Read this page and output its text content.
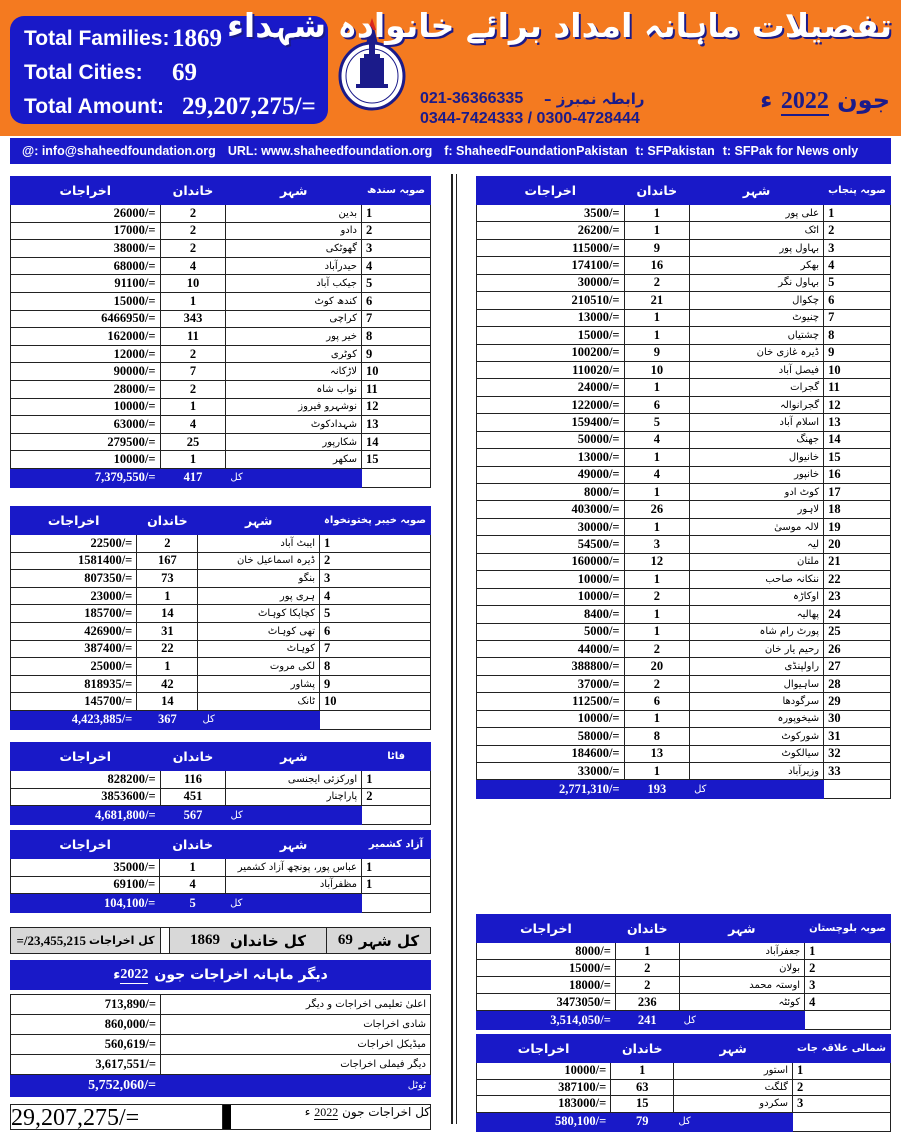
Total Families: 1869
Total Cities:	69
Total Amount: 29,207,275/=
تفصیلات ماہانہ امداد برائے خانوادہ شہداء
رابطہ نمبرز –
021-36366335
0344-7424333 / 0300-4728444
جون 2022 ء
@: info@shaheedfoundation.org URL: www.shaheedfoundation.org f: ShaheedFoundationPakistan t: SFPakistan t: SFPak for News only
اخراجات	خاندان	شہر	صوبہ سندھ
26000/=	2	بدین	1
17000/=	2	دادو	2
38000/=	2	گھوٹکی	3
68000/=	4	حیدرآباد	4
91100/=	10	جیکب آباد	5
15000/=	1	کندھ کوٹ	6
6466950/=	343	کراچی	7
162000/=	11	خیر پور	8
12000/=	2	کوٹری	9
90000/=	7	لاڑکانہ	10
28000/=	2	نواب شاہ	11
10000/=	1	نوشہرو فیروز	12
63000/=	4	شہدادکوٹ	13
279500/=	25	شکارپور	14
10000/=	1	سکھر	15
7,379,550/=	417	کل	
اخراجات	خاندان	شہر	صوبہ خیبر پختونخواہ
22500/=	2	ایبٹ آباد	1
1581400/=	167	ڈیرہ اسماعیل خان	2
807350/=	73	بنگو	3
23000/=	1	ہری پور	4
185700/=	14	کچاپکا کوہاٹ	5
426900/=	31	تھی کوہاٹ	6
387400/=	22	کوہاٹ	7
25000/=	1	لکی مروت	8
818935/=	42	پشاور	9
145700/=	14	ٹانک	10
4,423,885/=	367	کل	
اخراجات	خاندان	شہر	فاٹا
828200/=	116	اورکزئی ایجنسی	1
3853600/=	451	پاراچنار	2
4,681,800/=	567	کل	
اخراجات	خاندان	شہر	آزاد کشمیر
35000/=	1	عباس پور، پونچھ آزاد کشمیر	1
69100/=	4	مظفرآباد	1
104,100/=	5	کل	
اخراجات	خاندان	شہر	صوبہ پنجاب
3500/=	1	علی پور	1
26200/=	1	اٹک	2
115000/=	9	بہاول پور	3
174100/=	16	بھکر	4
30000/=	2	بہاول نگر	5
210510/=	21	چکوال	6
13000/=	1	چنیوٹ	7
15000/=	1	چشتیاں	8
100200/=	9	ڈیرہ غازی خان	9
110020/=	10	فیصل آباد	10
24000/=	1	گجرات	11
122000/=	6	گجرانوالہ	12
159400/=	5	اسلام آباد	13
50000/=	4	جھنگ	14
13000/=	1	خانیوال	15
49000/=	4	خانپور	16
8000/=	1	کوٹ ادو	17
403000/=	26	لاہور	18
30000/=	1	لالہ موسیٰ	19
54500/=	3	لیہ	20
160000/=	12	ملتان	21
10000/=	1	ننکانہ صاحب	22
10000/=	2	اوکاڑہ	23
8400/=	1	پھالیہ	24
5000/=	1	پورٹ رام شاہ	25
44000/=	2	رحیم یار خان	26
388800/=	20	راولپنڈی	27
37000/=	2	ساہیوال	28
112500/=	6	سرگودھا	29
10000/=	1	شیخوپورہ	30
58000/=	8	شورکوٹ	31
184600/=	13	سیالکوٹ	32
33000/=	1	وزیرآباد	33
2,771,310/=	193	کل	
اخراجات	خاندان	شہر	صوبہ بلوچستان
8000/=	1	جعفرآباد	1
15000/=	2	بولان	2
18000/=	2	اوستہ محمد	3
3473050/=	236	کوئٹہ	4
3,514,050/=	241	کل	
اخراجات	خاندان	شہر	شمالی علاقہ جات
10000/=	1	استور	1
387100/=	63	گلگت	2
183000/=	15	سکردو	3
580,100/=	79	کل	
کل اخراجات
23,455,215/=	کل خاندان
1869	کل شہر
69
دیگر ماہانہ اخراجات جون
2022
ء
713,890/=	اعلیٰ تعلیمی اخراجات و دیگر
860,000/=	شادی اخراجات
560,619/=	میڈیکل اخراجات
3,617,551/=	دیگر فیملی اخراجات
5,752,060/=	ٹوٹل
29,207,275/=	کل اخراجات جون 2022 ء
